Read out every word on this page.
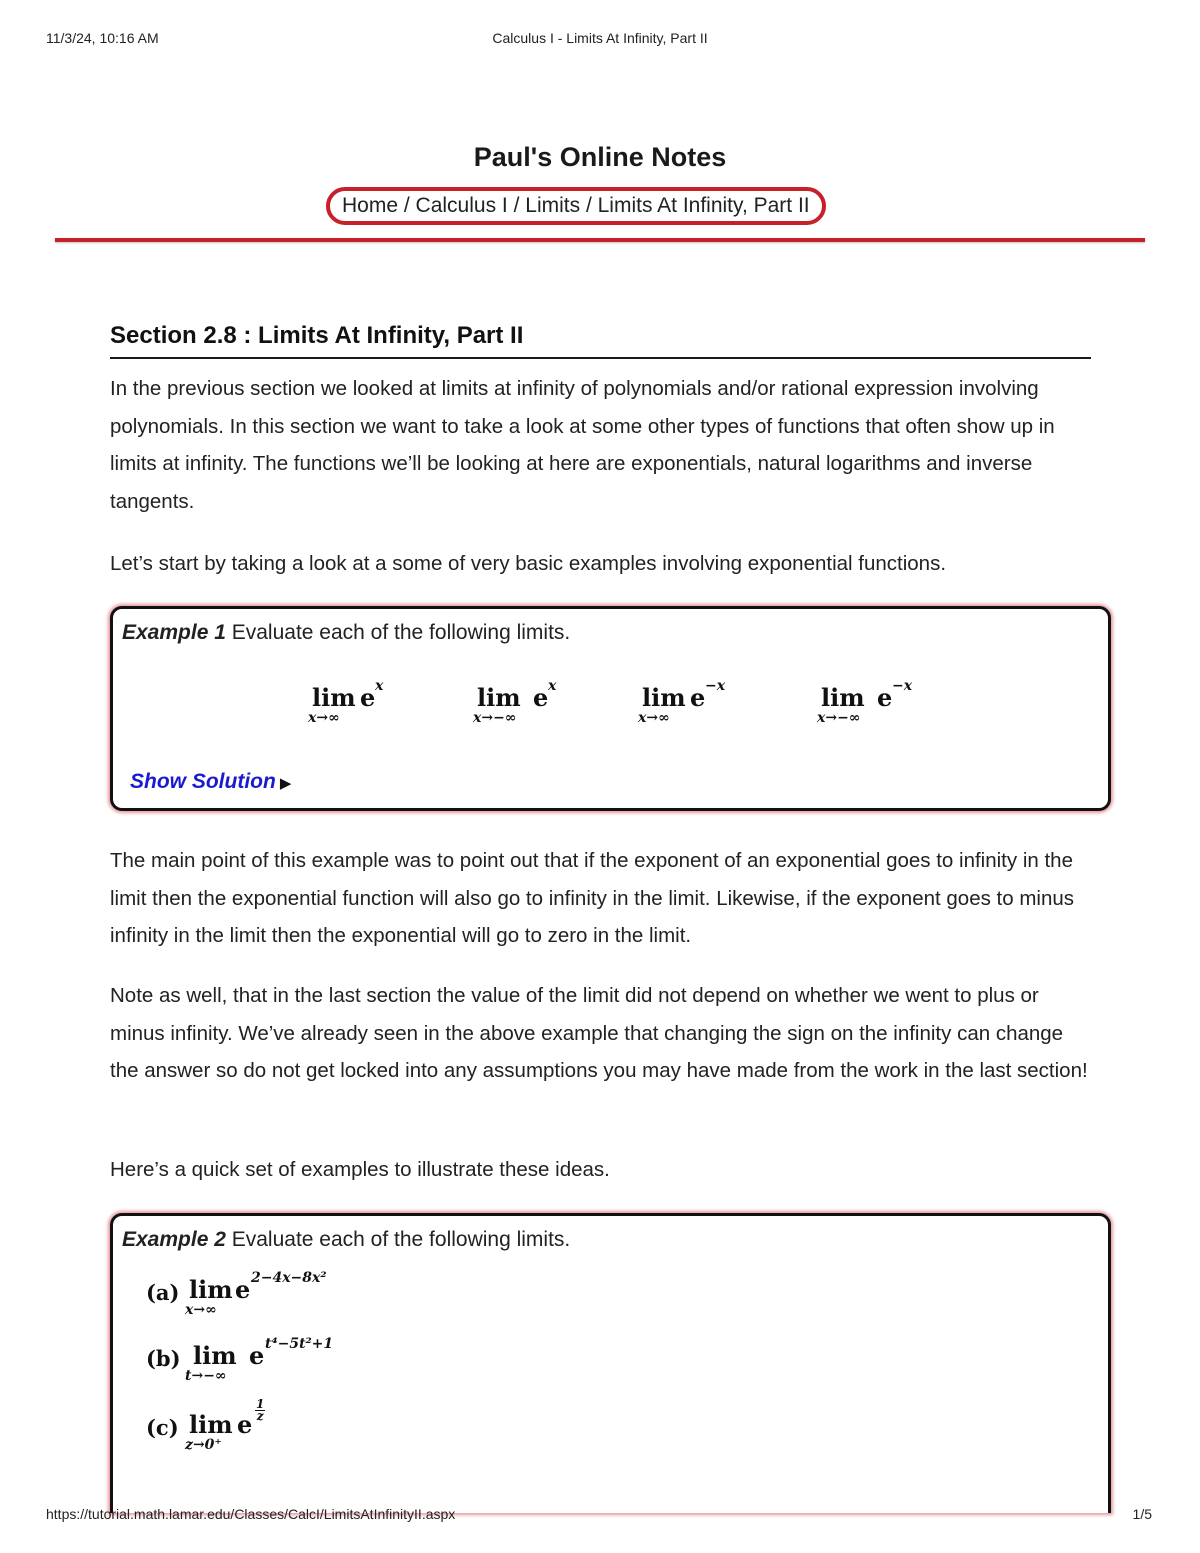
11/3/24, 10:16 AM	Calculus I - Limits At Infinity, Part II
Paul's Online Notes
Home / Calculus I / Limits / Limits At Infinity, Part II
Section 2.8 : Limits At Infinity, Part II

In the previous section we looked at limits at infinity of polynomials and/or rational expression involving polynomials. In this section we want to take a look at some other types of functions that often show up in limits at infinity. The functions we’ll be looking at here are exponentials, natural logarithms and inverse tangents.

Let’s start by taking a look at a some of very basic examples involving exponential functions.

Example 1 Evaluate each of the following limits.
lim
x→∞
e x	lim
x→−∞
e x	lim
x→∞
e −x	lim
x→−∞
e −x
Show Solution ▶

The main point of this example was to point out that if the exponent of an exponential goes to infinity in the limit then the exponential function will also go to infinity in the limit. Likewise, if the exponent goes to minus infinity in the limit then the exponential will go to zero in the limit.

Note as well, that in the last section the value of the limit did not depend on whether we went to plus or minus infinity. We’ve already seen in the above example that changing the sign on the infinity can change the answer so do not get locked into any assumptions you may have made from the work in the last section!

Here’s a quick set of examples to illustrate these ideas.

Example 2 Evaluate each of the following limits.
(a) lim
x→∞
e 2−4x−8x²
(b) lim
t→−∞
e t⁴−5t²+1
(c) lim
z→0⁺
e $\frac{1}{z}$
https://tutorial.math.lamar.edu/Classes/CalcI/LimitsAtInfinityII.aspx	1/5
